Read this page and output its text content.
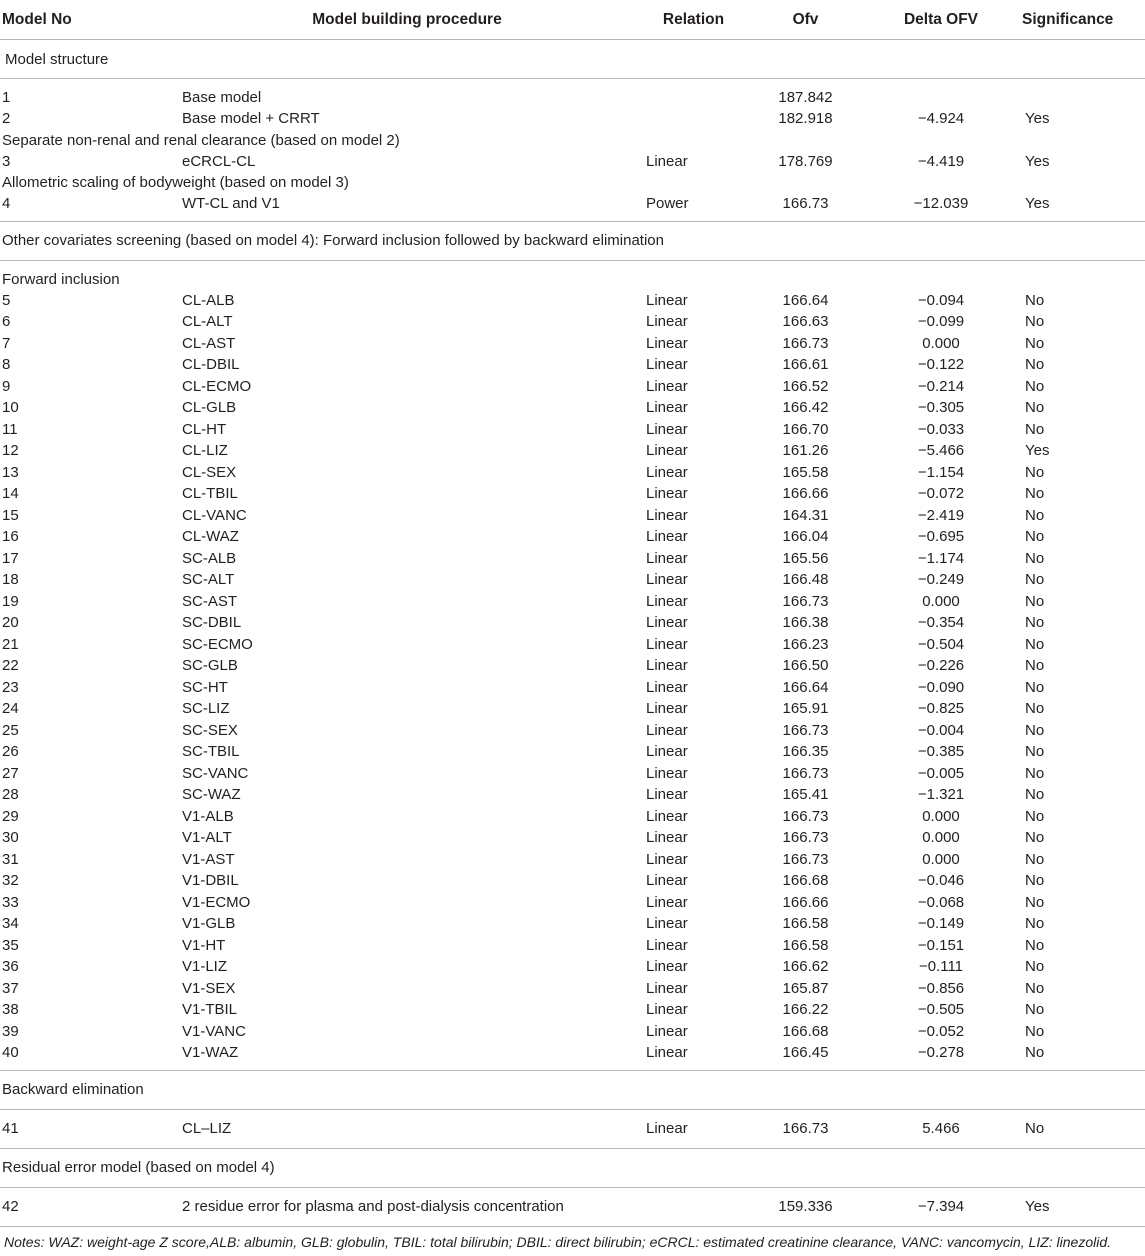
Model No	Model building procedure	Relation	Ofv	Delta OFV	Significance
Model structure					
1	Base model		187.842		
2	Base model + CRRT		182.918	−4.924	Yes
Separate non-renal and renal clearance (based on model 2)					
3	eCRCL-CL	Linear	178.769	−4.419	Yes
Allometric scaling of bodyweight (based on model 3)					
4	WT-CL and V1	Power	166.73	−12.039	Yes
Other covariates screening (based on model 4): Forward inclusion followed by backward elimination					
Forward inclusion					
5	CL-ALB	Linear	166.64	−0.094	No
6	CL-ALT	Linear	166.63	−0.099	No
7	CL-AST	Linear	166.73	0.000	No
8	CL-DBIL	Linear	166.61	−0.122	No
9	CL-ECMO	Linear	166.52	−0.214	No
10	CL-GLB	Linear	166.42	−0.305	No
11	CL-HT	Linear	166.70	−0.033	No
12	CL-LIZ	Linear	161.26	−5.466	Yes
13	CL-SEX	Linear	165.58	−1.154	No
14	CL-TBIL	Linear	166.66	−0.072	No
15	CL-VANC	Linear	164.31	−2.419	No
16	CL-WAZ	Linear	166.04	−0.695	No
17	SC-ALB	Linear	165.56	−1.174	No
18	SC-ALT	Linear	166.48	−0.249	No
19	SC-AST	Linear	166.73	0.000	No
20	SC-DBIL	Linear	166.38	−0.354	No
21	SC-ECMO	Linear	166.23	−0.504	No
22	SC-GLB	Linear	166.50	−0.226	No
23	SC-HT	Linear	166.64	−0.090	No
24	SC-LIZ	Linear	165.91	−0.825	No
25	SC-SEX	Linear	166.73	−0.004	No
26	SC-TBIL	Linear	166.35	−0.385	No
27	SC-VANC	Linear	166.73	−0.005	No
28	SC-WAZ	Linear	165.41	−1.321	No
29	V1-ALB	Linear	166.73	0.000	No
30	V1-ALT	Linear	166.73	0.000	No
31	V1-AST	Linear	166.73	0.000	No
32	V1-DBIL	Linear	166.68	−0.046	No
33	V1-ECMO	Linear	166.66	−0.068	No
34	V1-GLB	Linear	166.58	−0.149	No
35	V1-HT	Linear	166.58	−0.151	No
36	V1-LIZ	Linear	166.62	−0.111	No
37	V1-SEX	Linear	165.87	−0.856	No
38	V1-TBIL	Linear	166.22	−0.505	No
39	V1-VANC	Linear	166.68	−0.052	No
40	V1-WAZ	Linear	166.45	−0.278	No
Backward elimination					
41	CL–LIZ	Linear	166.73	5.466	No
Residual error model (based on model 4)					
42	2 residue error for plasma and post-dialysis concentration		159.336	−7.394	Yes
Notes: WAZ: weight-age Z score,ALB: albumin, GLB: globulin, TBIL: total bilirubin; DBIL: direct bilirubin; eCRCL: estimated creatinine clearance, VANC: vancomycin, LIZ: linezolid.
